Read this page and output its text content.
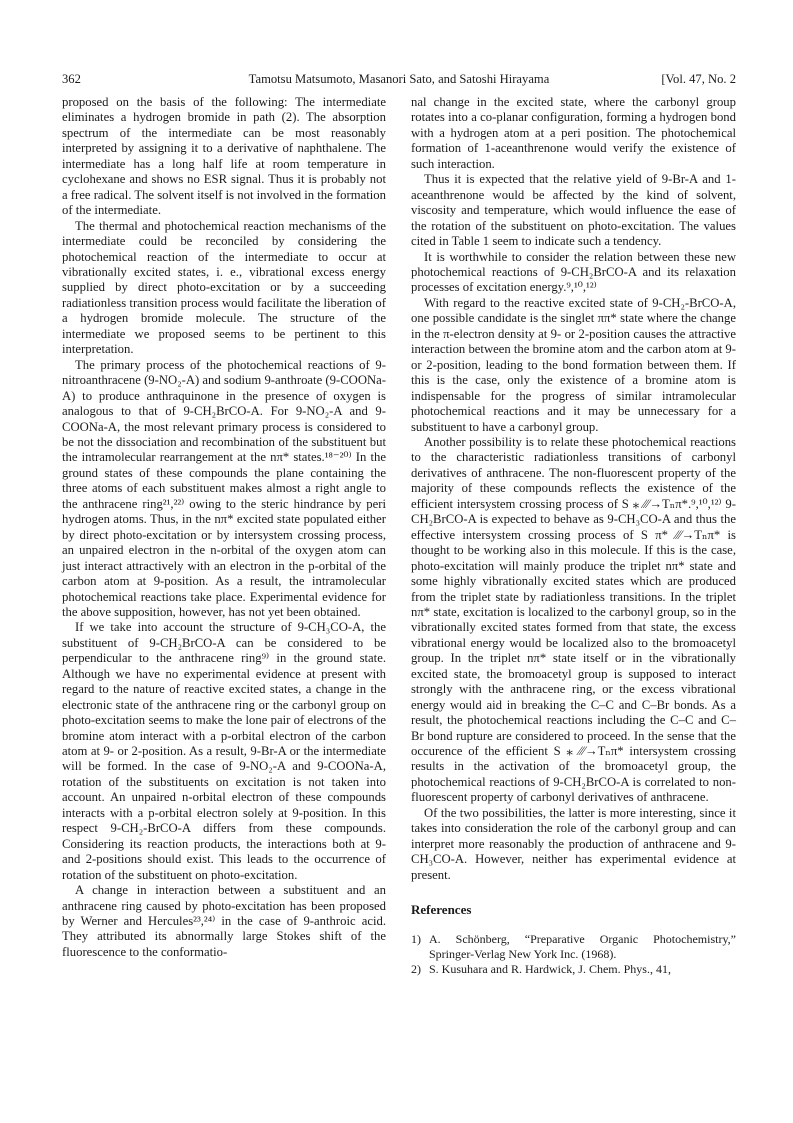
362	Tamotsu Matsumoto, Masanori Sato, and Satoshi Hirayama	[Vol. 47, No. 2

proposed on the basis of the following: The intermediate eliminates a hydrogen bromide in path (2). The absorption spectrum of the intermediate can be most reasonably interpreted by assigning it to a derivative of naphthalene. The intermediate has a long half life at room temperature in cyclohexane and shows no ESR signal. Thus it is probably not a free radical. The solvent itself is not involved in the formation of the intermediate.

The thermal and photochemical reaction mechanisms of the intermediate could be reconciled by considering the photochemical reaction of the intermediate to occur at vibrationally excited states, i. e., vibrational excess energy supplied by direct photo-excitation or by a succeeding radiationless transition process would facilitate the liberation of a hydrogen bromide molecule. The structure of the intermediate we proposed seems to be pertinent to this interpretation.

The primary process of the photochemical reactions of 9-nitroanthracene (9-NO₂-A) and sodium 9-anthroate (9-COONa-A) to produce anthraquinone in the presence of oxygen is analogous to that of 9-CH₂BrCO-A. For 9-NO₂-A and 9-COONa-A, the most relevant primary process is considered to be not the dissociation and recombination of the substituent but the intramolecular rearrangement at the nπ* states.¹⁸⁻²⁰⁾ In the ground states of these compounds the plane containing the three atoms of each substituent makes almost a right angle to the anthracene ring²¹,²²⁾ owing to the steric hindrance by peri hydrogen atoms. Thus, in the nπ* excited state populated either by direct photo-excitation or by intersystem crossing process, an unpaired electron in the n-orbital of the oxygen atom can just interact attractively with an electron in the p-orbital of the carbon atom at 9-position. As a result, the intramolecular photochemical reactions take place. Experimental evidence for the above supposition, however, has not yet been obtained.

If we take into account the structure of 9-CH₃CO-A, the substituent of 9-CH₂BrCO-A can be considered to be perpendicular to the anthracene ring⁹⁾ in the ground state. Although we have no experimental evidence at present with regard to the nature of reactive excited states, a change in the electronic state of the anthracene ring or the carbonyl group on photo-excitation seems to make the lone pair of electrons of the bromine atom interact with a p-orbital electron of the carbon atom at 9- or 2-position. As a result, 9-Br-A or the intermediate will be formed. In the case of 9-NO₂-A and 9-COONa-A, rotation of the substituents on excitation is not taken into account. An unpaired n-orbital electron of these compounds interacts with a p-orbital electron solely at 9-position. In this respect 9-CH₂-BrCO-A differs from these compounds. Considering its reaction products, the interactions both at 9- and 2-positions should exist. This leads to the occurrence of rotation of the substituent on photo-excitation.

A change in interaction between a substituent and an anthracene ring caused by photo-excitation has been proposed by Werner and Hercules²³,²⁴⁾ in the case of 9-anthroic acid. They attributed its abnormally large Stokes shift of the fluorescence to the conformatio-

nal change in the excited state, where the carbonyl group rotates into a co-planar configuration, forming a hydrogen bond with a hydrogen atom at a peri position. The photochemical formation of 1-aceanthrenone would verify the existence of such interaction.

Thus it is expected that the relative yield of 9-Br-A and 1-aceanthrenone would be affected by the kind of solvent, viscosity and temperature, which would influence the ease of the rotation of the substituent on photo-excitation. The values cited in Table 1 seem to indicate such a tendency.

It is worthwhile to consider the relation between these new photochemical reactions of 9-CH₂BrCO-A and its relaxation processes of excitation energy.⁹,¹⁰,¹²⁾

With regard to the reactive excited state of 9-CH₂-BrCO-A, one possible candidate is the singlet ππ* state where the change in the π-electron density at 9- or 2-position causes the attractive interaction between the bromine atom and the carbon atom at 9- or 2-position, leading to the bond formation between them. If this is the case, only the existence of a bromine atom is indispensable for the progress of similar intramolecular photochemical reactions and it may be unnecessary for a substituent to have a carbonyl group.

Another possibility is to relate these photochemical reactions to the characteristic radiationless transitions of carbonyl derivatives of anthracene. The non-fluorescent property of the majority of these compounds reflects the existence of the efficient intersystem crossing process of S ⁎ ⁄⁄⁄→Tₙπ*.⁹,¹⁰,¹²⁾ 9-CH₂BrCO-A is expected to behave as 9-CH₃CO-A and thus the effective intersystem crossing process of S π* ⁄⁄⁄→Tₙπ* is thought to be working also in this molecule. If this is the case, photo-excitation will mainly produce the triplet nπ* state and some highly vibrationally excited states which are produced from the triplet state by radiationless transitions. In the triplet nπ* state, excitation is localized to the carbonyl group, so in the vibrationally excited states formed from that state, the excess vibrational energy would be localized also to the bromoacetyl group. In the triplet nπ* state itself or in the vibrationally excited state, the bromoacetyl group is supposed to interact strongly with the anthracene ring, or the excess vibrational energy would aid in breaking the C–C and C–Br bonds. As a result, the photochemical reactions including the C–C and C–Br bond rupture are considered to proceed. In the sense that the occurence of the efficient S ⁎ ⁄⁄⁄→Tₙπ* intersystem crossing results in the activation of the bromoacetyl group, the photochemical reactions of 9-CH₂BrCO-A is correlated to non-fluorescent property of carbonyl derivatives of anthracene.

Of the two possibilities, the latter is more interesting, since it takes into consideration the role of the carbonyl group and can interpret more reasonably the production of anthracene and 9-CH₃CO-A. However, neither has experimental evidence at present.

References

1) A. Schönberg, “Preparative Organic Photochemistry,” Springer-Verlag New York Inc. (1968).

2) S. Kusuhara and R. Hardwick, J. Chem. Phys., 41,
